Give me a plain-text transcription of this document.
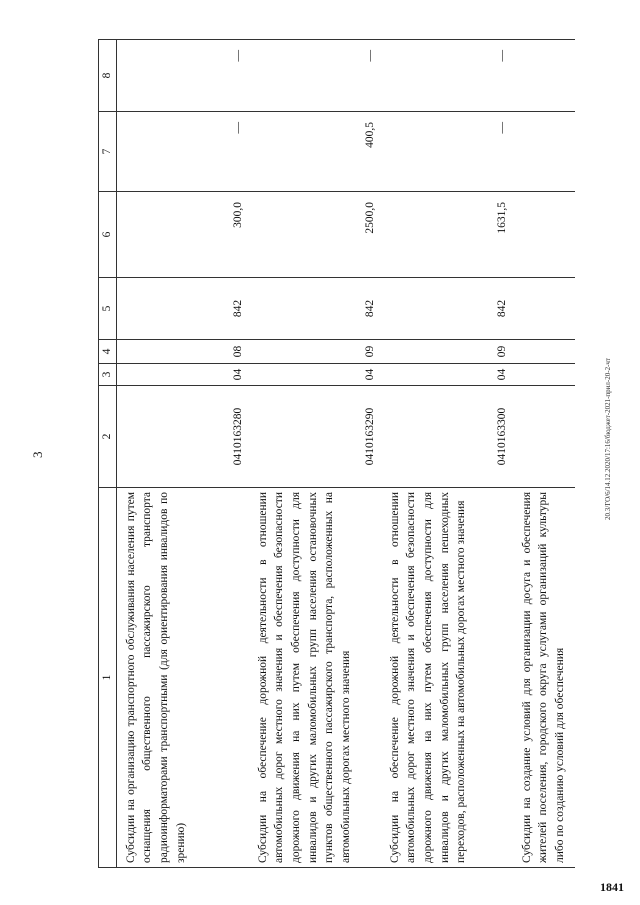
3	20.3/ГО/6/14.12.2020/17:16/бюджет-2021-прил-20-2-чт
1841
1	2	3	4	5	6	7	8
Субсидии на организацию транспортного обслуживания населения путем оснащения общественного пассажирского транспорта радиоинформаторами транспортными (для ориентирования инвалидов по зрению)	0410163280	04	08	842	300,0	—	—
Субсидии на обеспечение дорожной деятельности в отношении автомобильных дорог местного значения и обеспечения безопасности дорожного движения на них путем обеспечения доступности для инвалидов и других маломобильных групп населения остановочных пунктов общественного пассажирского транспорта, расположенных на автомобильных дорогах местного значения	0410163290	04	09	842	2500,0	400,5	—
Субсидии на обеспечение дорожной деятельности в отношении автомобильных дорог местного значения и обеспечения безопасности дорожного движения на них путем обеспечения доступности для инвалидов и других маломобильных групп населения пешеходных переходов, расположенных на автомобильных дорогах местного значения	0410163300	04	09	842	1631,5	—	—
Субсидии на создание условий для организации досуга и обеспечения жителей поселения, городского округа услугами организаций культуры либо по созданию условий для обеспечения							
